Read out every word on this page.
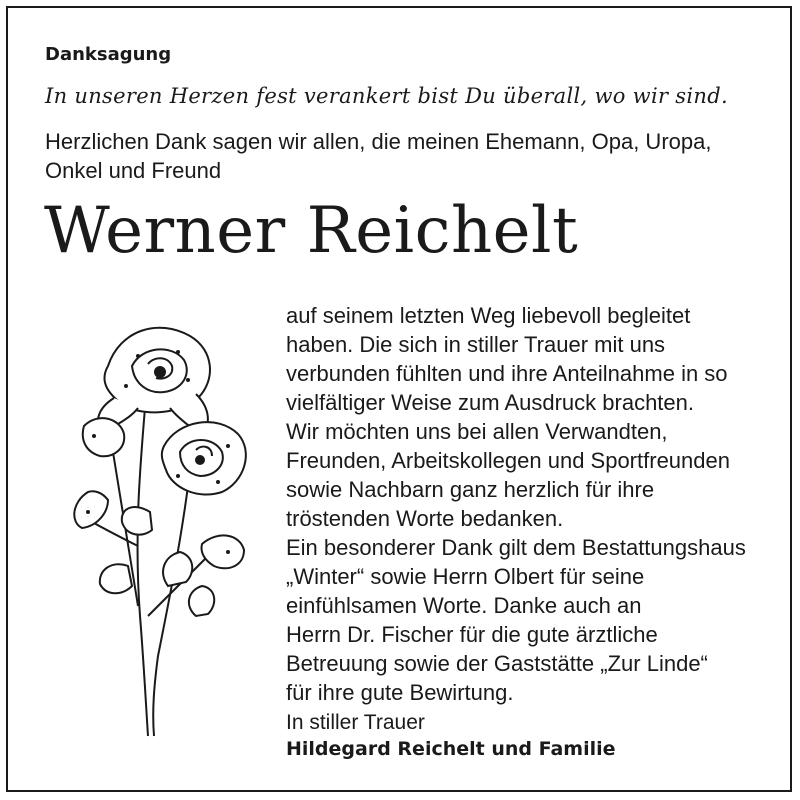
Danksagung
In unseren Herzen fest verankert bist Du überall, wo wir sind.
Herzlichen Dank sagen wir allen, die meinen Ehemann, Opa, Uropa,
Onkel und Freund
Werner Reichelt
auf seinem letzten Weg liebevoll begleitet
haben. Die sich in stiller Trauer mit uns
verbunden fühlten und ihre Anteilnahme in so
vielfältiger Weise zum Ausdruck brachten.
Wir möchten uns bei allen Verwandten,
Freunden, Arbeitskollegen und Sportfreunden
sowie Nachbarn ganz herzlich für ihre
tröstenden Worte bedanken.
Ein besonderer Dank gilt dem Bestattungshaus
„Winter“ sowie Herrn Olbert für seine
einfühlsamen Worte. Danke auch an
Herrn Dr. Fischer für die gute ärztliche
Betreuung sowie der Gaststätte „Zur Linde“
für ihre gute Bewirtung.
In stiller Trauer
Hildegard Reichelt und Familie
